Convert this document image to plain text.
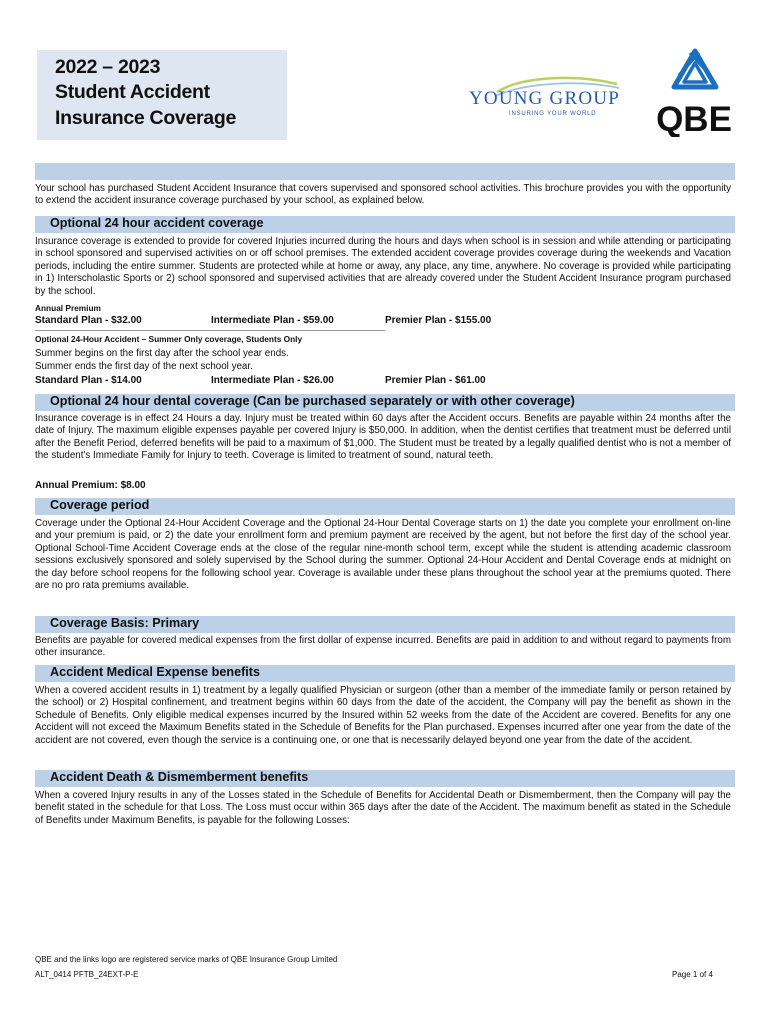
2022 – 2023
Student Accident
Insurance Coverage
YOUNG GROUP
INSURING YOUR WORLD QBE
Your school has purchased Student Accident Insurance that covers supervised and sponsored school activities. This brochure provides you with the opportunity to extend the accident insurance coverage purchased by your school, as explained below.
Optional 24 hour accident coverage
Insurance coverage is extended to provide for covered Injuries incurred during the hours and days when school is in session and while attending or participating in school sponsored and supervised activities on or off school premises. The extended accident coverage provides coverage during the weekends and Vacation periods, including the entire summer. Students are protected while at home or away, any place, any time, anywhere. No coverage is provided while participating in 1) Interscholastic Sports or 2) school sponsored and supervised activities that are already covered under the Student Accident Insurance program purchased by the school.
Annual Premium
Standard Plan - $32.00	Intermediate Plan - $59.00	Premier Plan - $155.00
Optional 24-Hour Accident – Summer Only coverage, Students Only
Summer begins on the first day after the school year ends.
Summer ends the first day of the next school year.
Standard Plan - $14.00	Intermediate Plan - $26.00	Premier Plan - $61.00
Optional 24 hour dental coverage (Can be purchased separately or with other coverage)
Insurance coverage is in effect 24 Hours a day. Injury must be treated within 60 days after the Accident occurs. Benefits are payable within 24 months after the date of Injury. The maximum eligible expenses payable per covered Injury is $50,000. In addition, when the dentist certifies that treatment must be deferred until after the Benefit Period, deferred benefits will be paid to a maximum of $1,000. The Student must be treated by a legally qualified dentist who is not a member of the student's Immediate Family for Injury to teeth. Coverage is limited to treatment of sound, natural teeth.
Annual Premium: $8.00
Coverage period
Coverage under the Optional 24-Hour Accident Coverage and the Optional 24-Hour Dental Coverage starts on 1) the date you complete your enrollment on-line and your premium is paid, or 2) the date your enrollment form and premium payment are received by the agent, but not before the first day of the school year. Optional School-Time Accident Coverage ends at the close of the regular nine-month school term, except while the student is attending academic classroom sessions exclusively sponsored and solely supervised by the School during the summer. Optional 24-Hour Accident and Dental Coverage ends at midnight on the day before school reopens for the following school year. Coverage is available under these plans throughout the school year at the premiums quoted. There are no pro rata premiums available.
Coverage Basis: Primary
Benefits are payable for covered medical expenses from the first dollar of expense incurred. Benefits are paid in addition to and without regard to payments from other insurance.
Accident Medical Expense benefits
When a covered accident results in 1) treatment by a legally qualified Physician or surgeon (other than a member of the immediate family or person retained by the school) or 2) Hospital confinement, and treatment begins within 60 days from the date of the accident, the Company will pay the benefit as shown in the Schedule of Benefits. Only eligible medical expenses incurred by the Insured within 52 weeks from the date of the Accident are covered. Benefits for any one Accident will not exceed the Maximum Benefits stated in the Schedule of Benefits for the Plan purchased. Expenses incurred after one year from the date of the accident are not covered, even though the service is a continuing one, or one that is necessarily delayed beyond one year from the date of the accident.
Accident Death & Dismemberment benefits
When a covered Injury results in any of the Losses stated in the Schedule of Benefits for Accidental Death or Dismemberment, then the Company will pay the benefit stated in the schedule for that Loss. The Loss must occur within 365 days after the date of the Accident. The maximum benefit as stated in the Schedule of Benefits under Maximum Benefits, is payable for the following Losses:
QBE and the links logo are registered service marks of QBE Insurance Group Limited
ALT_0414 PFTB_24EXT-P-E	Page 1 of 4
